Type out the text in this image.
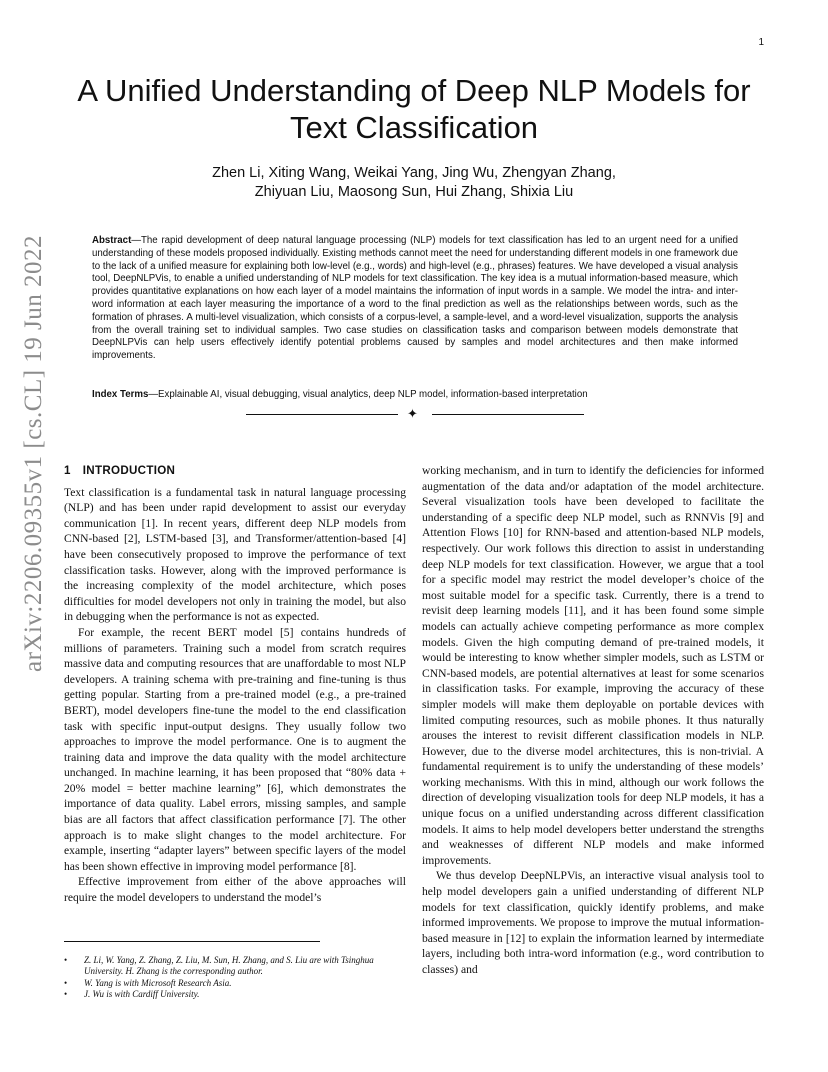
1
arXiv:2206.09355v1 [cs.CL] 19 Jun 2022
A Unified Understanding of Deep NLP Models for Text Classification
Zhen Li, Xiting Wang, Weikai Yang, Jing Wu, Zhengyan Zhang,
Zhiyuan Liu, Maosong Sun, Hui Zhang, Shixia Liu
Abstract—The rapid development of deep natural language processing (NLP) models for text classification has led to an urgent need for a unified understanding of these models proposed individually. Existing methods cannot meet the need for understanding different models in one framework due to the lack of a unified measure for explaining both low-level (e.g., words) and high-level (e.g., phrases) features. We have developed a visual analysis tool, DeepNLPVis, to enable a unified understanding of NLP models for text classification. The key idea is a mutual information-based measure, which provides quantitative explanations on how each layer of a model maintains the information of input words in a sample. We model the intra- and inter-word information at each layer measuring the importance of a word to the final prediction as well as the relationships between words, such as the formation of phrases. A multi-level visualization, which consists of a corpus-level, a sample-level, and a word-level visualization, supports the analysis from the overall training set to individual samples. Two case studies on classification tasks and comparison between models demonstrate that DeepNLPVis can help users effectively identify potential problems caused by samples and model architectures and then make informed improvements.
Index Terms—Explainable AI, visual debugging, visual analytics, deep NLP model, information-based interpretation
✦
1 INTRODUCTION

Text classification is a fundamental task in natural language processing (NLP) and has been under rapid development to assist our everyday communication [1]. In recent years, different deep NLP models from CNN-based [2], LSTM-based [3], and Transformer/attention-based [4] have been consecutively proposed to improve the performance of text classification tasks. However, along with the improved performance is the increasing complexity of the model architecture, which poses difficulties for model developers not only in training the model, but also in debugging when the performance is not as expected.

For example, the recent BERT model [5] contains hundreds of millions of parameters. Training such a model from scratch requires massive data and computing resources that are unaffordable to most NLP developers. A training schema with pre-training and fine-tuning is thus getting popular. Starting from a pre-trained model (e.g., a pre-trained BERT), model developers fine-tune the model to the end classification task with specific input-output designs. They usually follow two approaches to improve the model performance. One is to augment the training data and improve the data quality with the model architecture unchanged. In machine learning, it has been proposed that “80% data + 20% model = better machine learning” [6], which demonstrates the importance of data quality. Label errors, missing samples, and sample bias are all factors that affect classification performance [7]. The other approach is to make slight changes to the model architecture. For example, inserting “adapter layers” between specific layers of the model has been shown effective in improving model performance [8].

Effective improvement from either of the above approaches will require the model developers to understand the model’s

working mechanism, and in turn to identify the deficiencies for informed augmentation of the data and/or adaptation of the model architecture. Several visualization tools have been developed to facilitate the understanding of a specific deep NLP model, such as RNNVis [9] and Attention Flows [10] for RNN-based and attention-based NLP models, respectively. Our work follows this direction to assist in understanding deep NLP models for text classification. However, we argue that a tool for a specific model may restrict the model developer’s choice of the most suitable model for a specific task. Currently, there is a trend to revisit deep learning models [11], and it has been found some simple models can actually achieve competing performance as more complex models. Given the high computing demand of pre-trained models, it would be interesting to know whether simpler models, such as LSTM or CNN-based models, are potential alternatives at least for some scenarios in classification tasks. For example, improving the accuracy of these simpler models will make them deployable on portable devices with limited computing resources, such as mobile phones. It thus naturally arouses the interest to revisit different classification models in NLP. However, due to the diverse model architectures, this is non-trivial. A fundamental requirement is to unify the understanding of these models’ working mechanisms. With this in mind, although our work follows the direction of developing visualization tools for deep NLP models, it has a unique focus on a unified understanding across different classification models. It aims to help model developers better understand the strengths and weaknesses of different NLP models and make informed improvements.

We thus develop DeepNLPVis, an interactive visual analysis tool to help model developers gain a unified understanding of different NLP models for text classification, quickly identify problems, and make informed improvements. We propose to improve the mutual information-based measure in [12] to explain the information learned by intermediate layers, including both intra-word information (e.g., word contribution to classes) and

• Z. Li, W. Yang, Z. Zhang, Z. Liu, M. Sun, H. Zhang, and S. Liu are with Tsinghua University. H. Zhang is the corresponding author.
• W. Yang is with Microsoft Research Asia.
• J. Wu is with Cardiff University.
